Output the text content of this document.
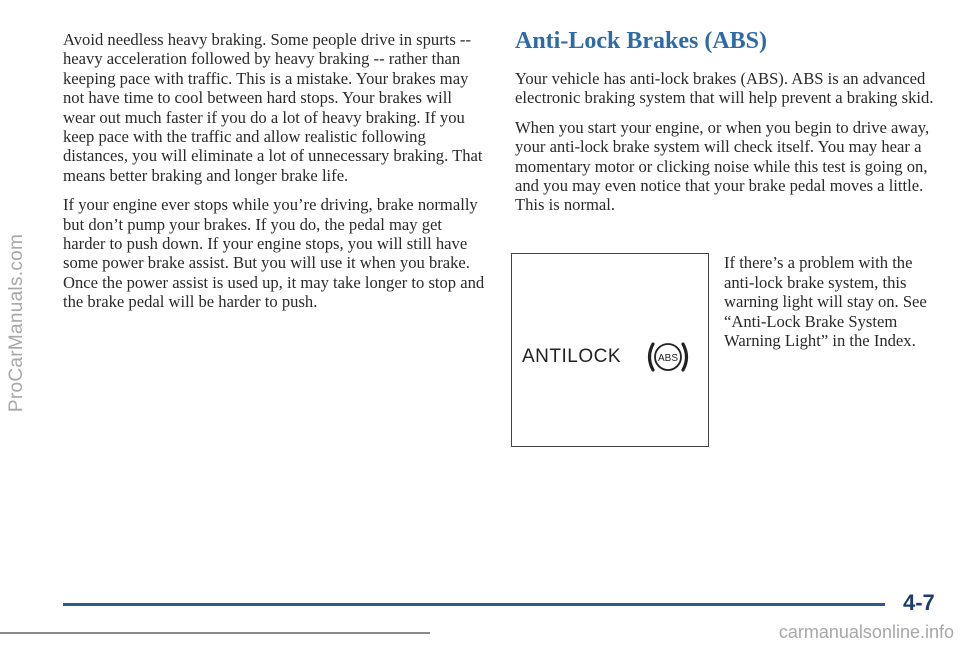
ProCarManuals.com

Avoid needless heavy braking. Some people drive in spurts -- heavy acceleration followed by heavy braking -- rather than keeping pace with traffic. This is a mistake. Your brakes may not have time to cool between hard stops. Your brakes will wear out much faster if you do a lot of heavy braking. If you keep pace with the traffic and allow realistic following distances, you will eliminate a lot of unnecessary braking. That means better braking and longer brake life.

If your engine ever stops while you’re driving, brake normally but don’t pump your brakes. If you do, the pedal may get harder to push down. If your engine stops, you will still have some power brake assist. But you will use it when you brake. Once the power assist is used up, it may take longer to stop and the brake pedal will be harder to push.

Anti-Lock Brakes (ABS)

Your vehicle has anti-lock brakes (ABS). ABS is an advanced electronic braking system that will help prevent a braking skid.

When you start your engine, or when you begin to drive away, your anti-lock brake system will check itself. You may hear a momentary motor or clicking noise while this test is going on, and you may even notice that your brake pedal moves a little. This is normal.

ANTILOCK	ABS

If there’s a problem with the anti-lock brake system, this warning light will stay on. See “Anti-Lock Brake System Warning Light” in the Index.

4-7
carmanualsonline.info
